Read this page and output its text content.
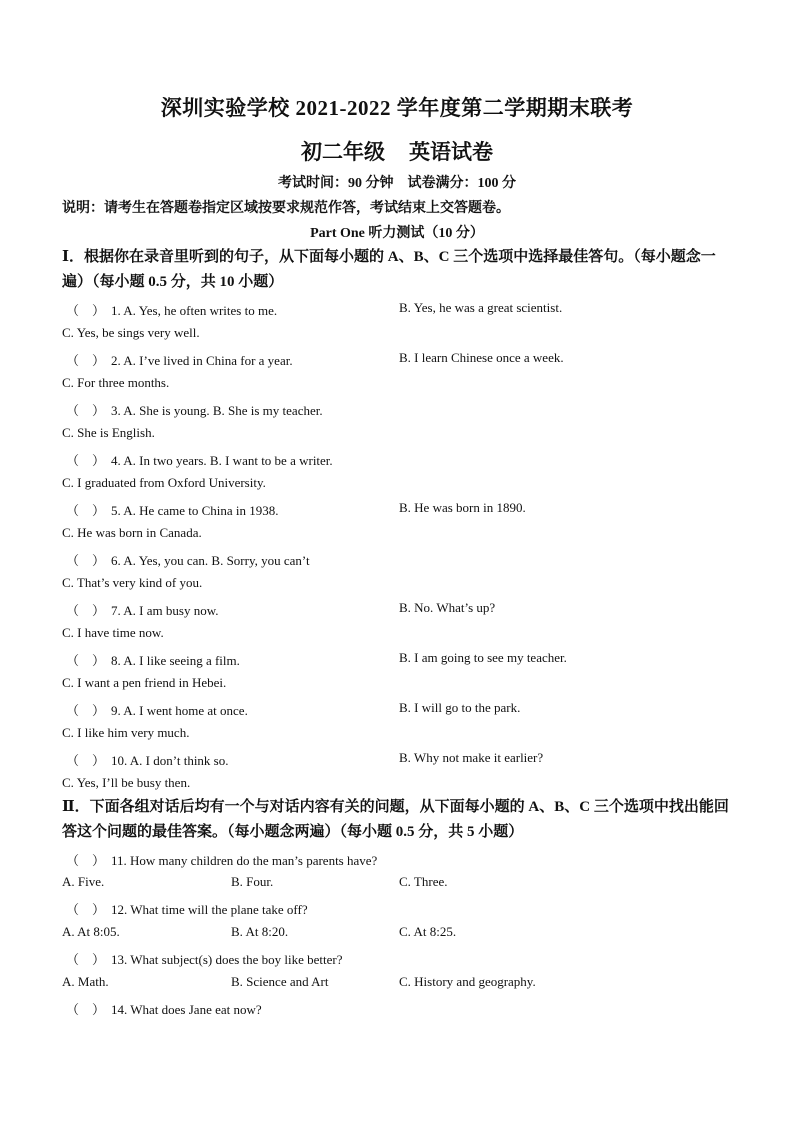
深圳实验学校 2021-2022 学年度第二学期期末联考
初二年级 英语试卷
考试时间：90 分钟 试卷满分：100 分
说明：请考生在答题卷指定区域按要求规范作答，考试结束上交答题卷。
Part One 听力测试（10 分）
Ⅰ．根据你在录音里听到的句子，从下面每小题的 A、B、C 三个选项中选择最佳答句。（每小题念一遍）（每小题 0.5 分，共 10 小题）
（　） 1. A. Yes, he often writes to me.	B. Yes, he was a great scientist.
C. Yes, be sings very well.
（　） 2. A. I’ve lived in China for a year.	B. I learn Chinese once a week.
C. For three months.
（　） 3. A. She is young. B. She is my teacher.
C. She is English.
（　） 4. A. In two years. B. I want to be a writer.
C. I graduated from Oxford University.
（　） 5. A. He came to China in 1938.	B. He was born in 1890.
C. He was born in Canada.
（　） 6. A. Yes, you can. B. Sorry, you can’t
C. That’s very kind of you.
（　） 7. A. I am busy now.	B. No. What’s up?
C. I have time now.
（　） 8. A. I like seeing a film.	B. I am going to see my teacher.
C. I want a pen friend in Hebei.
（　） 9. A. I went home at once.	B. I will go to the park.
C. I like him very much.
（　） 10. A. I don’t think so.	B. Why not make it earlier?
C. Yes, I’ll be busy then.
Ⅱ．下面各组对话后均有一个与对话内容有关的问题，从下面每小题的 A、B、C 三个选项中找出能回答这个问题的最佳答案。（每小题念两遍）（每小题 0.5 分，共 5 小题）
（　） 11. How many children do the man’s parents have?
A. Five.	B. Four.	C. Three.
（　） 12. What time will the plane take off?
A. At 8:05.	B. At 8:20.	C. At 8:25.
（　） 13. What subject(s) does the boy like better?
A. Math.	B. Science and Art	C. History and geography.
（　） 14. What does Jane eat now?
